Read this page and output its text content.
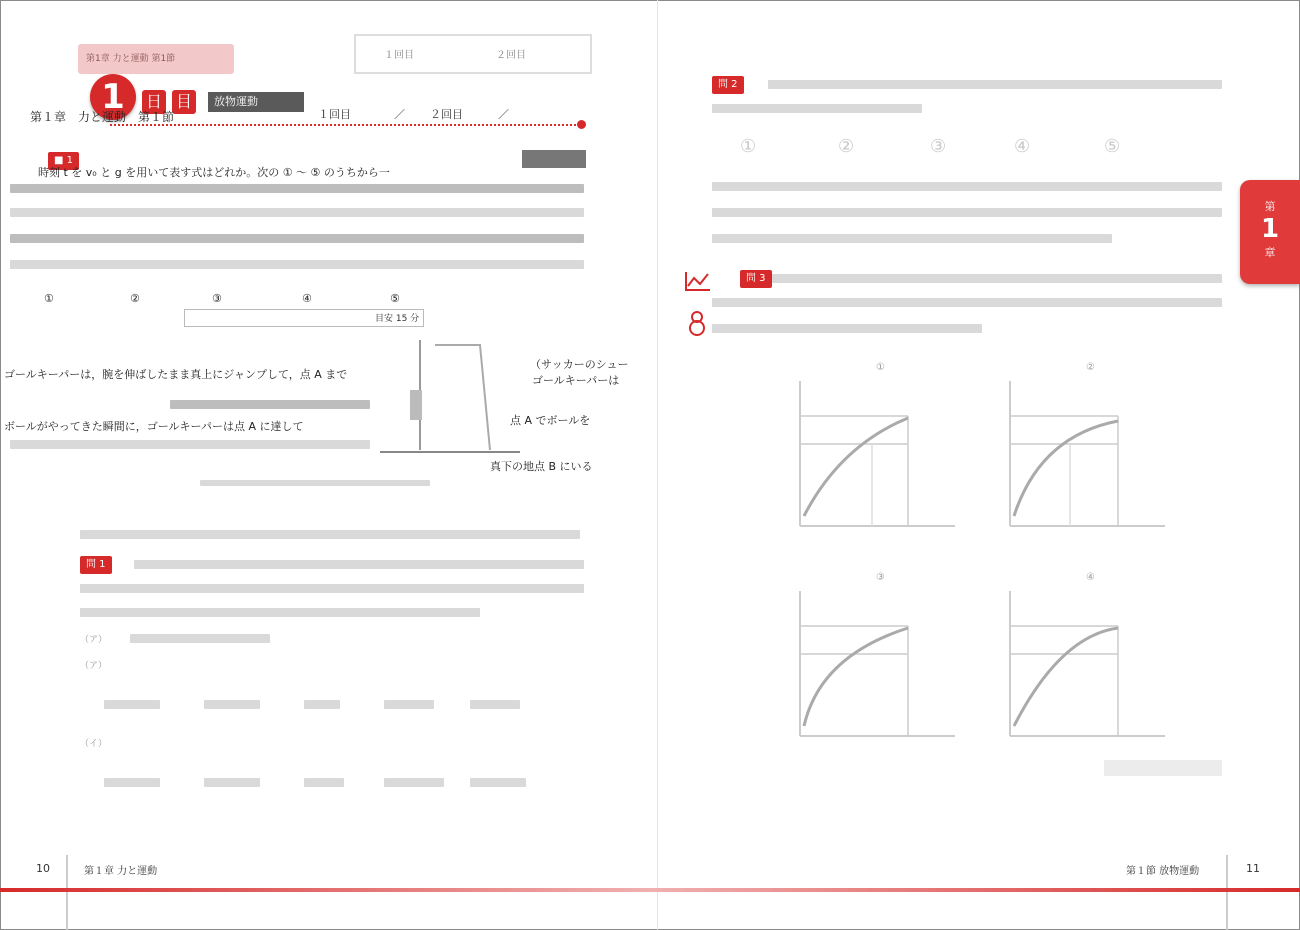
第1章 力と運動 第1節	１回目	２回目
1	日 目	放物運動
第１章　力と運動　第１節	１回目	／ ２回目	／
■ 1
時刻 t を v₀ と g を用いて表す式はどれか。次の ① 〜 ⑤ のうちから一
①	②	③	④	⑤
目安 15 分
ゴールキーパーは，腕を伸ばしたまま真上にジャンプして，点 A まで
ボールがやってきた瞬間に，ゴールキーパーは点 A に達して
（サッカーのシュー
ゴールキーパーは
点 A でボールを
真下の地点 B にいる
問 1
（ア）
（ア）
（イ）
問 2
①	②	③	④	⑤
第
1
章
問 3
①	②
③	④
10	第１章 力と運動	第１節 放物運動	11
